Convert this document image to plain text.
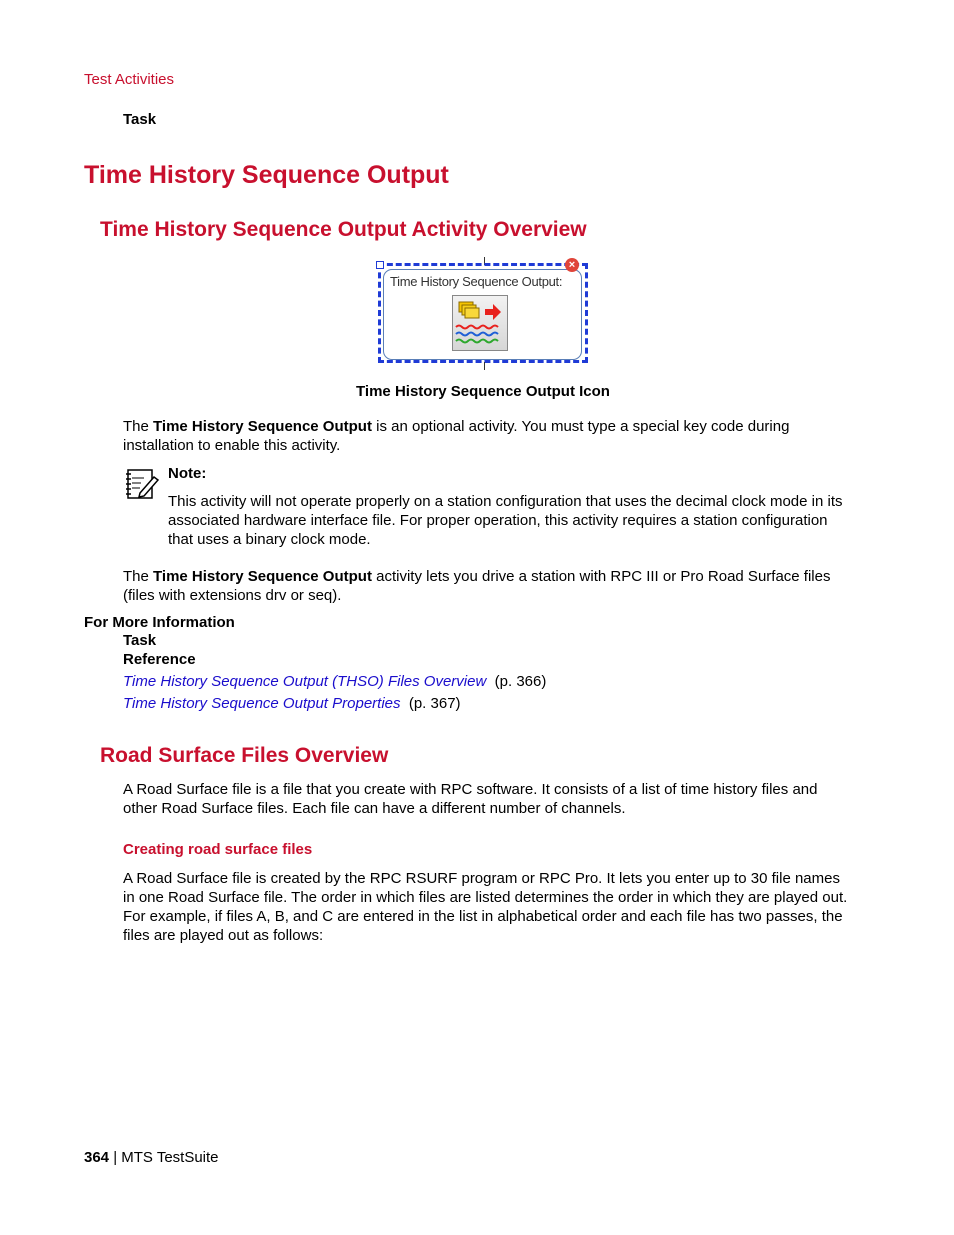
Test Activities
Task
Time History Sequence Output
Time History Sequence Output Activity Overview
Time History Sequence Output:
×
Time History Sequence Output Icon
The Time History Sequence Output is an optional activity. You must type a special key code during installation to enable this activity.
Note:
This activity will not operate properly on a station configuration that uses the decimal clock mode in its associated hardware interface file. For proper operation, this activity requires a station configuration that uses a binary clock mode.
The Time History Sequence Output activity lets you drive a station with RPC III or Pro Road Surface files (files with extensions drv or seq).
For More Information
Task
Reference
Time History Sequence Output (THSO) Files Overview (p. 366)
Time History Sequence Output Properties (p. 367)
Road Surface Files Overview
A Road Surface file is a file that you create with RPC software. It consists of a list of time history files and other Road Surface files. Each file can have a different number of channels.
Creating road surface files
A Road Surface file is created by the RPC RSURF program or RPC Pro. It lets you enter up to 30 file names in one Road Surface file. The order in which files are listed determines the order in which they are played out. For example, if files A, B, and C are entered in the list in alphabetical order and each file has two passes, the files are played out as follows:
364 | MTS TestSuite
